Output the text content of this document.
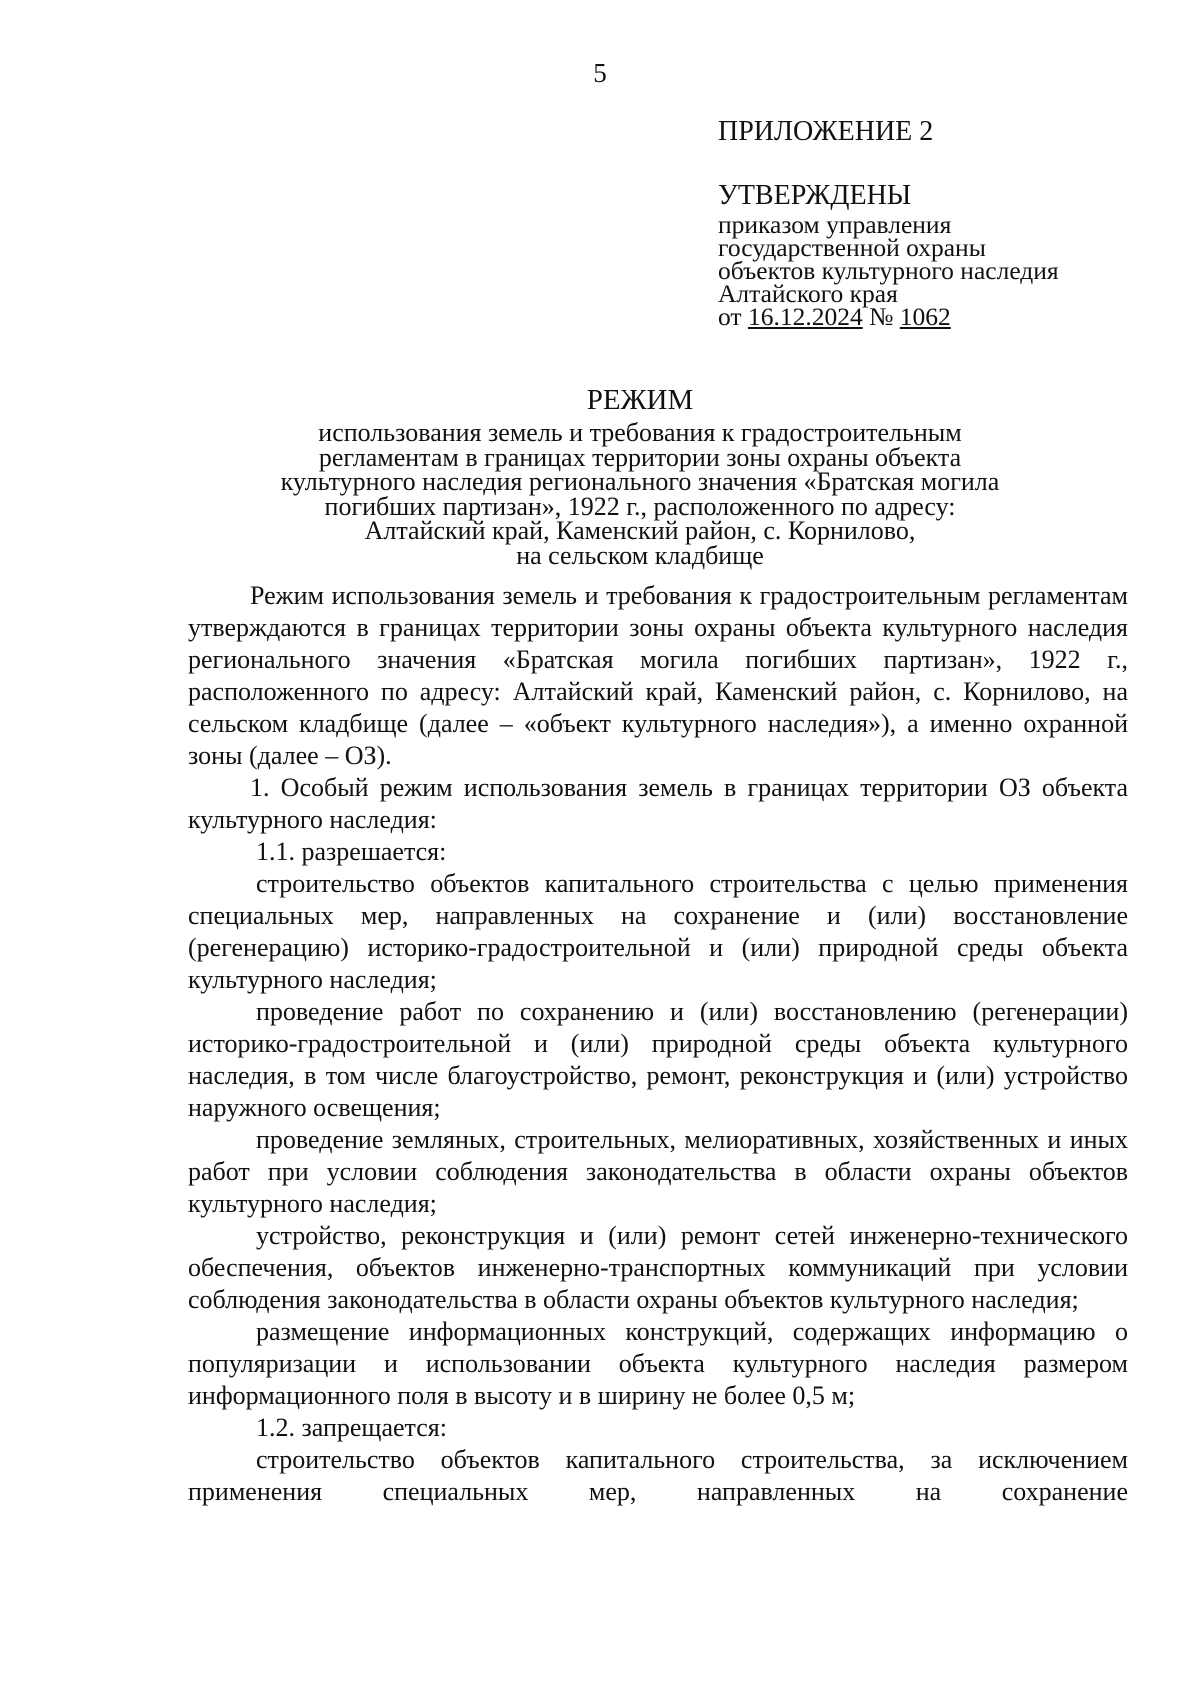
5
ПРИЛОЖЕНИЕ 2
УТВЕРЖДЕНЫ
приказом управления
государственной охраны
объектов культурного наследия
Алтайского края
от 16.12.2024 № 1062
РЕЖИМ
использования земель и требования к градостроительным
регламентам в границах территории зоны охраны объекта
культурного наследия регионального значения «Братская могила
погибших партизан», 1922 г., расположенного по адресу:
Алтайский край, Каменский район, с. Корнилово,
на сельском кладбище

Режим использования земель и требования к градостроительным регламентам утверждаются в границах территории зоны охраны объекта культурного наследия регионального значения «Братская могила погибших партизан», 1922 г., расположенного по адресу: Алтайский край, Каменский район, с. Корнилово, на сельском кладбище (далее – «объект культурного наследия»), а именно охранной зоны (далее – ОЗ).

1. Особый режим использования земель в границах территории ОЗ объекта культурного наследия:

1.1. разрешается:

строительство объектов капитального строительства с целью применения специальных мер, направленных на сохранение и (или) восстановление (регенерацию) историко-градостроительной и (или) природной среды объекта культурного наследия;

проведение работ по сохранению и (или) восстановлению (регенерации) историко-градостроительной и (или) природной среды объекта культурного наследия, в том числе благоустройство, ремонт, реконструкция и (или) устройство наружного освещения;

проведение земляных, строительных, мелиоративных, хозяйственных и иных работ при условии соблюдения законодательства в области охраны объектов культурного наследия;

устройство, реконструкция и (или) ремонт сетей инженерно-технического обеспечения, объектов инженерно-транспортных коммуникаций при условии соблюдения законодательства в области охраны объектов культурного наследия;

размещение информационных конструкций, содержащих информацию о популяризации и использовании объекта культурного наследия размером информационного поля в высоту и в ширину не более 0,5 м;

1.2. запрещается:

строительство объектов капитального строительства, за исключением применения специальных мер, направленных на сохранение
